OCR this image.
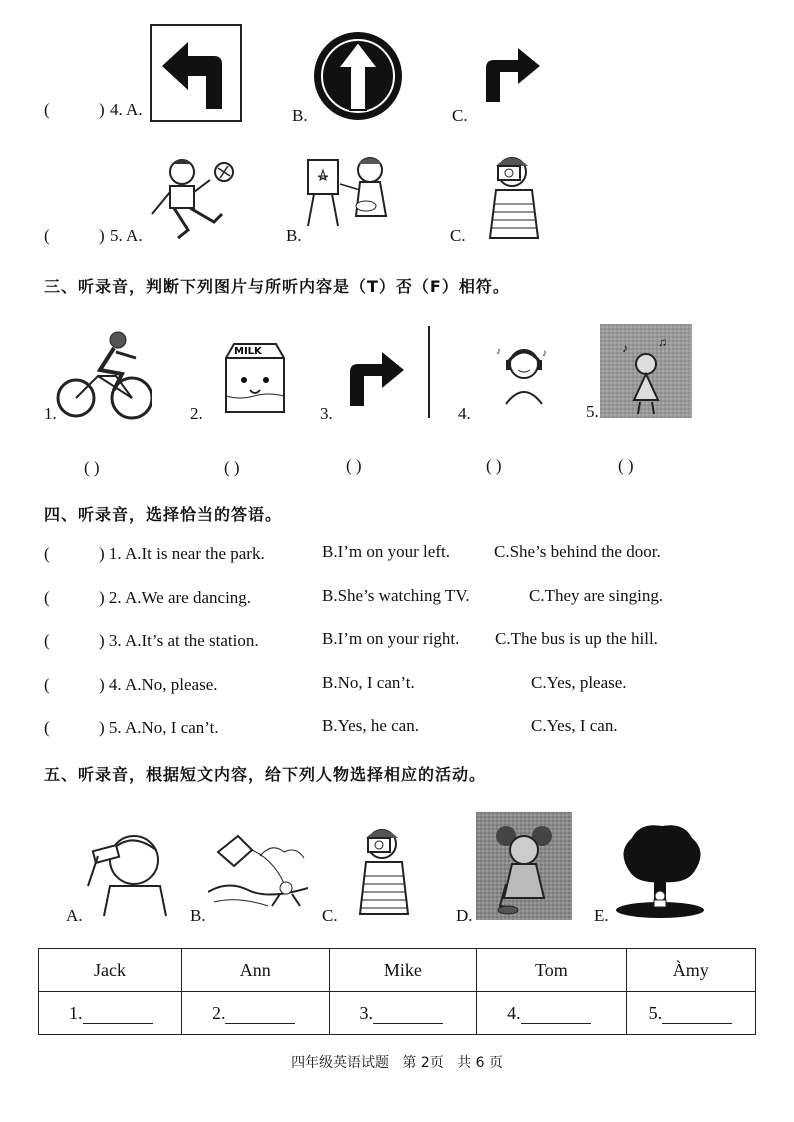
(	) 4. A.	B.	C.
(	) 5. A.	B.	C.
三、听录音，判断下列图片与所听内容是（T）否（F）相符。
1.	2.
MILK
3.	4.
♪	♪
5.
♪	♫
( )	( )	( )	( )	( )
四、听录音，选择恰当的答语。
(	) 1. A.It is near the park.	B.I’m on your left.	C.She’s behind the door.
(	) 2. A.We are dancing.	B.She’s watching TV.	C.They are singing.
(	) 3. A.It’s at the station.	B.I’m on your right. C.The bus is up the hill.
(	) 4. A.No, please.	B.No, I can’t.	C.Yes, please.
(	) 5. A.No, I can’t.	B.Yes, he can.	C.Yes, I can.
五、听录音，根据短文内容，给下列人物选择相应的活动。
A.	B.	C.	D.	E.
Jack	Ann	Mike	Tom	Àmy
1.	2.	3.	4.	5.
四年级英语试题   第 2页   共 6 页
